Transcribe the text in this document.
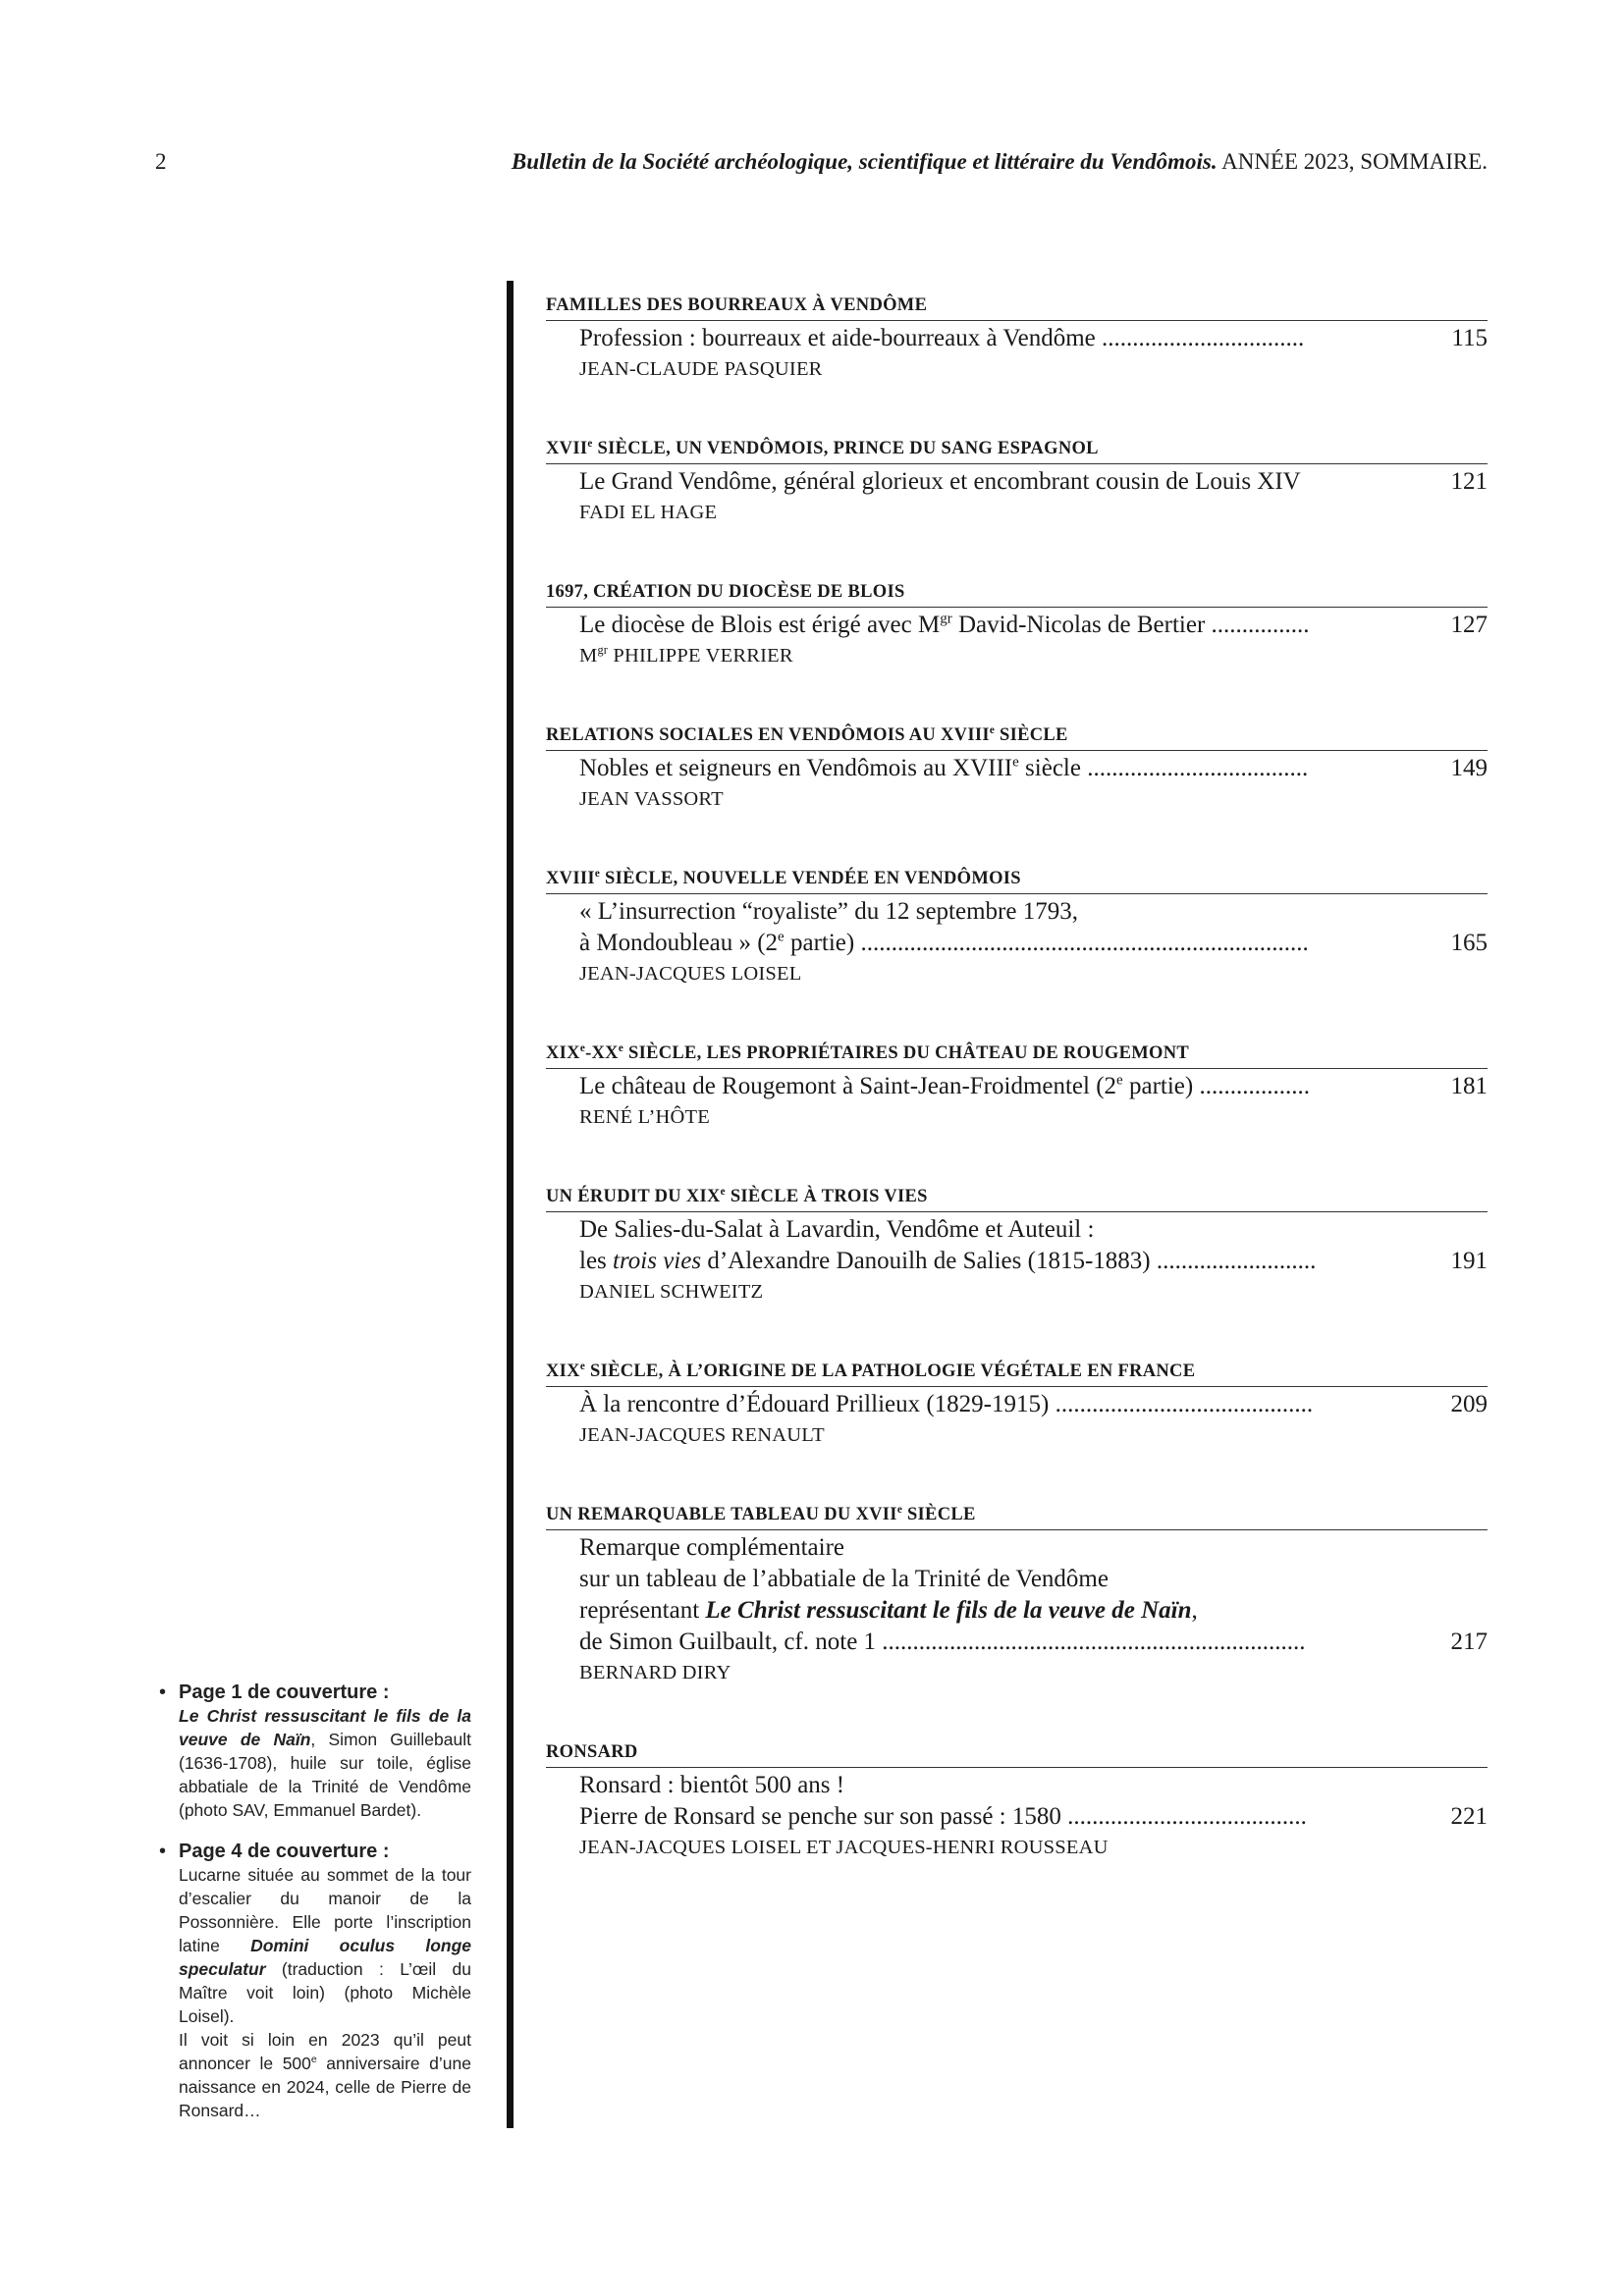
2	Bulletin de la Société archéologique, scientifique et littéraire du Vendômois. ANNÉE 2023, SOMMAIRE.
FAMILLES DES BOURREAUX À VENDÔME
Profession : bourreaux et aide-bourreaux à Vendôme .................................	115
JEAN-CLAUDE PASQUIER
XVIIe SIÈCLE, UN VENDÔMOIS, PRINCE DU SANG ESPAGNOL
Le Grand Vendôme, général glorieux et encombrant cousin de Louis XIV	121
FADI EL HAGE
1697, CRÉATION DU DIOCÈSE DE BLOIS
Le diocèse de Blois est érigé avec $M^{gr}$ David-Nicolas de Bertier ................	127
$M^{gr}$ PHILIPPE VERRIER
RELATIONS SOCIALES EN VENDÔMOIS AU XVIIIe SIÈCLE
Nobles et seigneurs en Vendômois au XVIIIe siècle ....................................	149
JEAN VASSORT
XVIIIe SIÈCLE, NOUVELLE VENDÉE EN VENDÔMOIS
« L’insurrection “royaliste” du 12 septembre 1793,
à Mondoubleau » (2e partie) .........................................................................	165
JEAN-JACQUES LOISEL
XIXe-XXe SIÈCLE, LES PROPRIÉTAIRES DU CHÂTEAU DE ROUGEMONT
Le château de Rougemont à Saint-Jean-Froidmentel (2e partie) ..................	181
RENÉ L’HÔTE
UN ÉRUDIT DU XIXe SIÈCLE À TROIS VIES
De Salies-du-Salat à Lavardin, Vendôme et Auteuil :
les trois vies d’Alexandre Danouilh de Salies (1815-1883) ..........................	191
DANIEL SCHWEITZ
XIXe SIÈCLE, À L’ORIGINE DE LA PATHOLOGIE VÉGÉTALE EN FRANCE
À la rencontre d’Édouard Prillieux (1829-1915) ..........................................	209
JEAN-JACQUES RENAULT
UN REMARQUABLE TABLEAU DU XVIIe SIÈCLE
Remarque complémentaire
sur un tableau de l’abbatiale de la Trinité de Vendôme
représentant Le Christ ressuscitant le fils de la veuve de Naïn,
de Simon Guilbault, cf. note 1 .....................................................................	217
BERNARD DIRY
RONSARD
Ronsard : bientôt 500 ans !
Pierre de Ronsard se penche sur son passé : 1580 .......................................	221
JEAN-JACQUES LOISEL ET JACQUES-HENRI ROUSSEAU
• Page 1 de couverture :
Le Christ ressuscitant le fils de la veuve de Naïn, Simon Guillebault (1636-1708), huile sur toile, église abbatiale de la Trinité de Vendôme (photo SAV, Emmanuel Bardet).
• Page 4 de couverture :
Lucarne située au sommet de la tour d’escalier du manoir de la Possonnière. Elle porte l’inscription latine Domini oculus longe speculatur (traduction : L’œil du Maître voit loin) (photo Michèle Loisel).
Il voit si loin en 2023 qu’il peut annoncer le 500e anniversaire d’une naissance en 2024, celle de Pierre de Ronsard…
